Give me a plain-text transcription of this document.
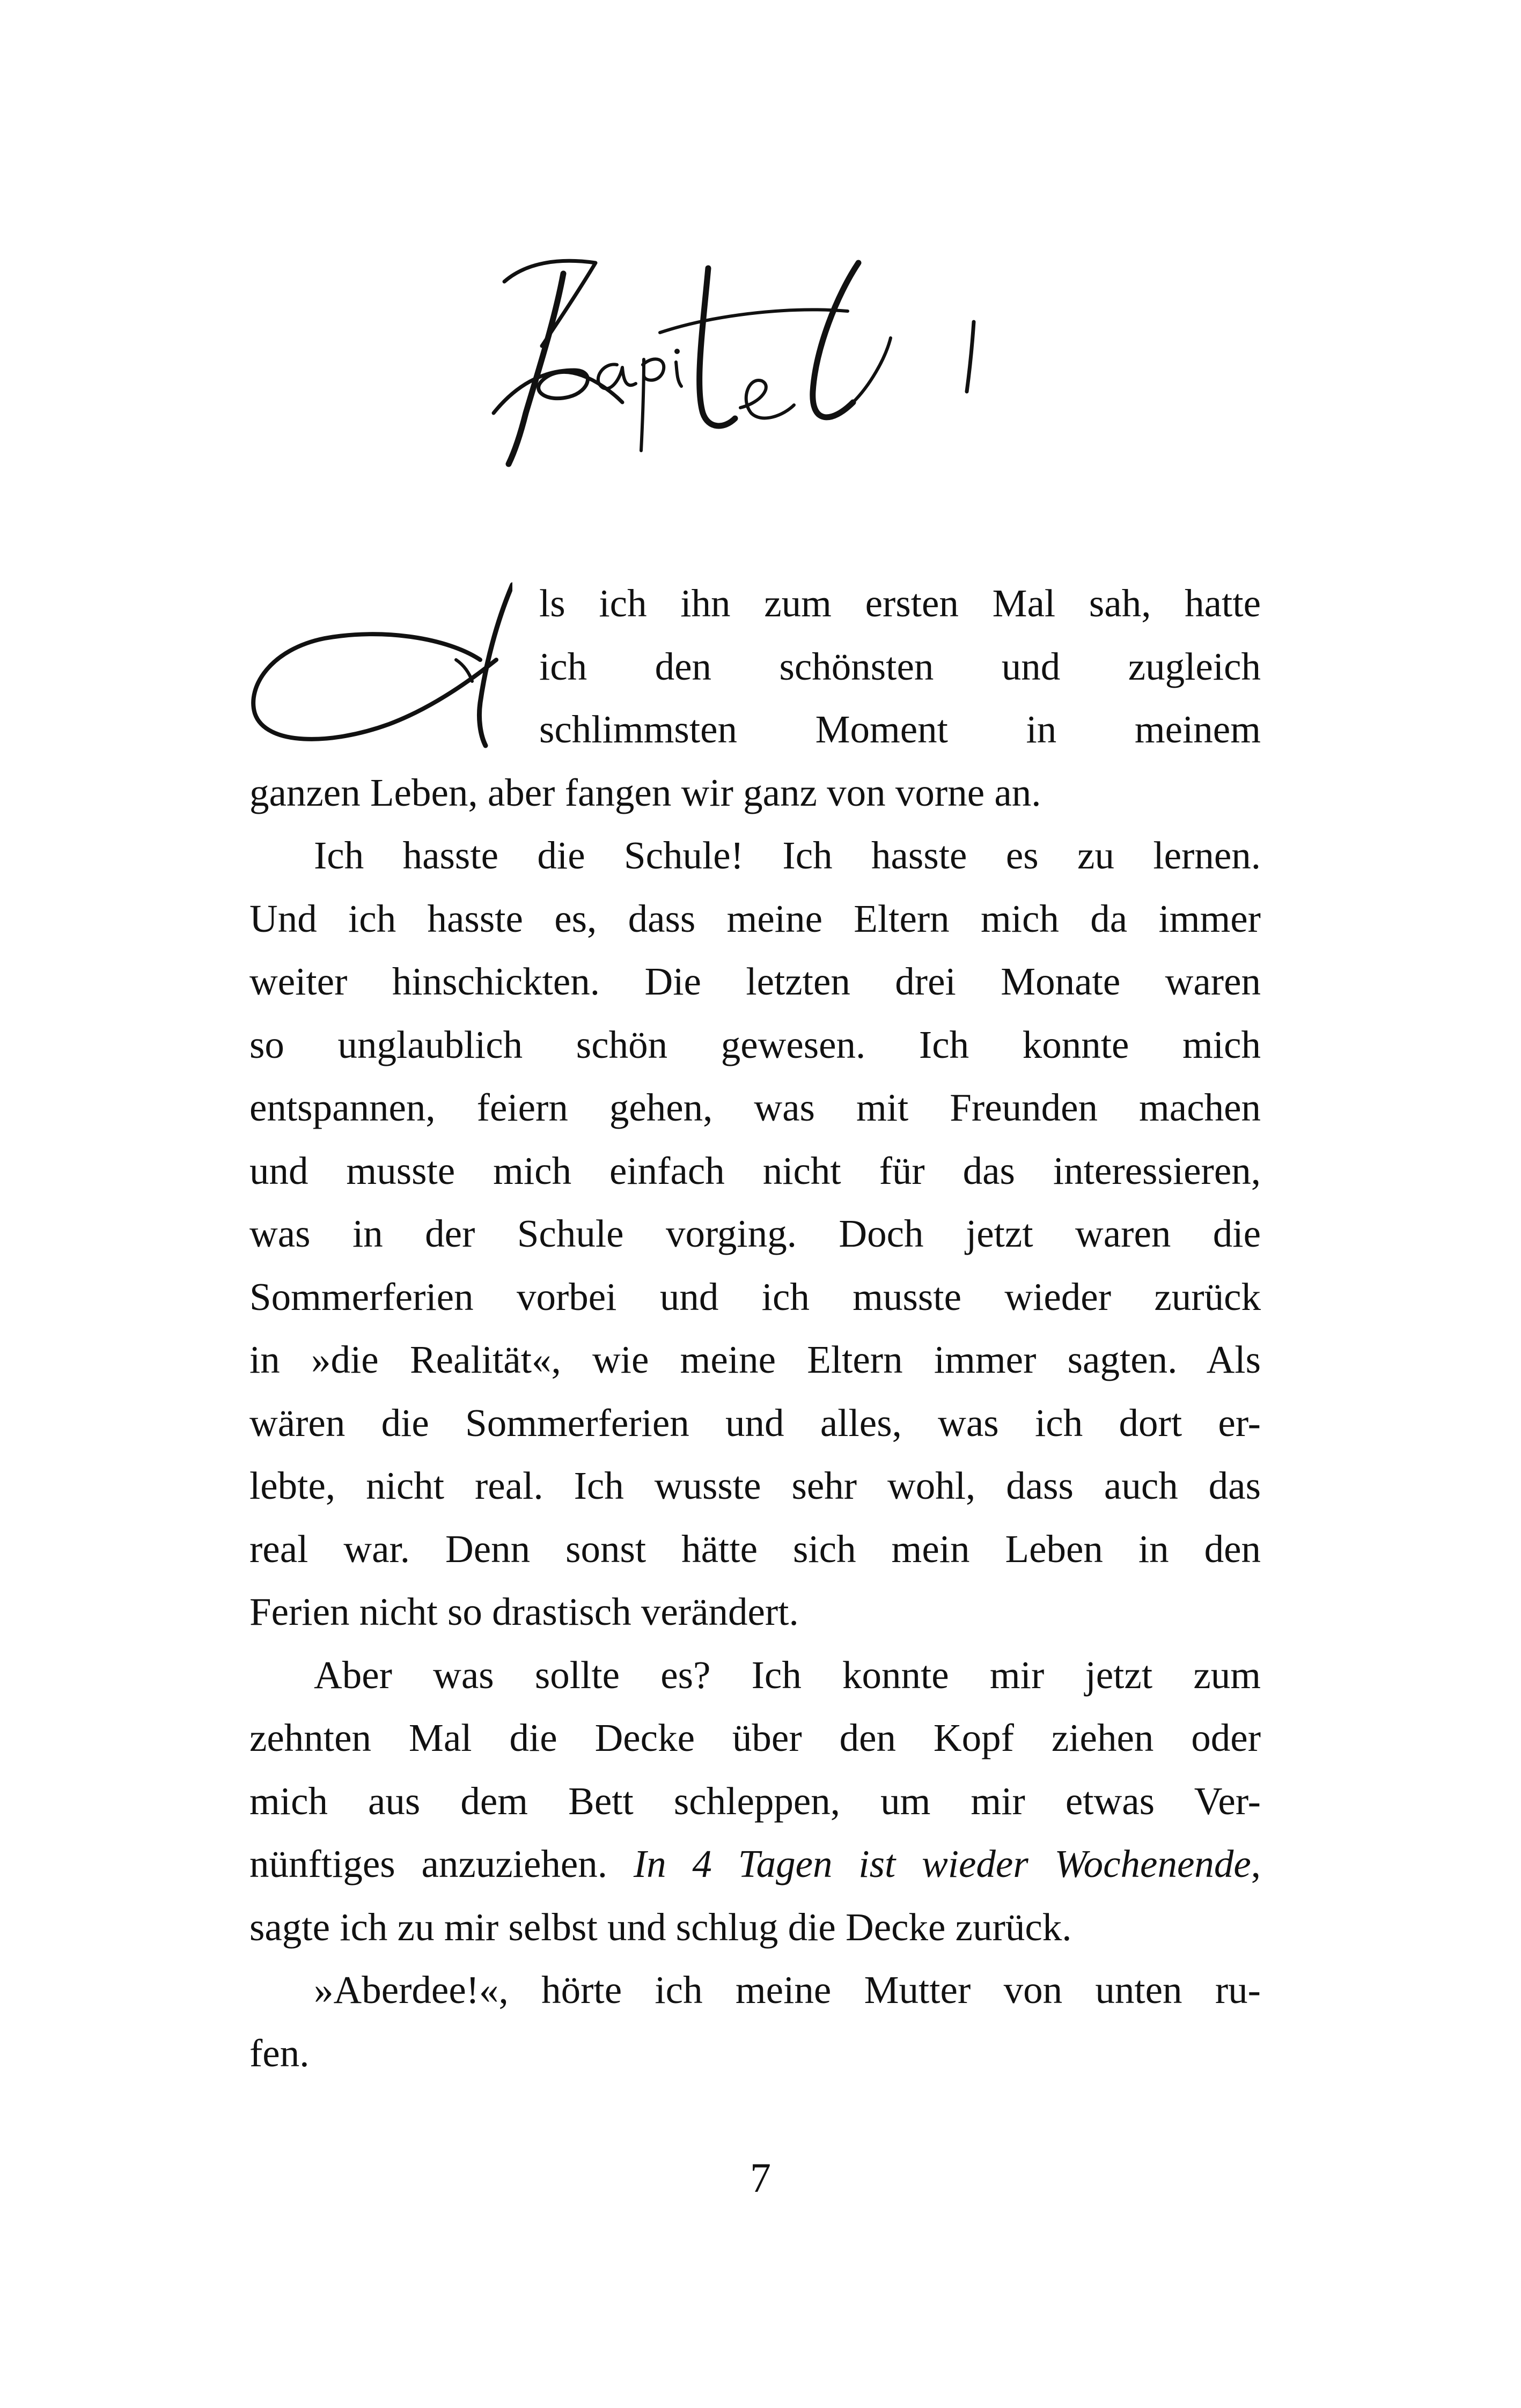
ls ich ihn zum ersten Mal sah, hatte
ich den schönsten und zugleich
schlimmsten Moment in meinem
ganzen Leben, aber fangen wir ganz von vorne an.
Ich hasste die Schule! Ich hasste es zu lernen.
Und ich hasste es, dass meine Eltern mich da immer
weiter hinschickten. Die letzten drei Monate waren
so unglaublich schön gewesen. Ich konnte mich
entspannen, feiern gehen, was mit Freunden machen
und musste mich einfach nicht für das interessieren,
was in der Schule vorging. Doch jetzt waren die
Sommerferien vorbei und ich musste wieder zurück
in »die Realität«, wie meine Eltern immer sagten. Als
wären die Sommerferien und alles, was ich dort er-
lebte, nicht real. Ich wusste sehr wohl, dass auch das
real war. Denn sonst hätte sich mein Leben in den
Ferien nicht so drastisch verändert.
Aber was sollte es? Ich konnte mir jetzt zum
zehnten Mal die Decke über den Kopf ziehen oder
mich aus dem Bett schleppen, um mir etwas Ver-
nünftiges anzuziehen. In 4 Tagen ist wieder Wochenende,
sagte ich zu mir selbst und schlug die Decke zurück.
»Aberdee!«, hörte ich meine Mutter von unten ru-
fen.
7
